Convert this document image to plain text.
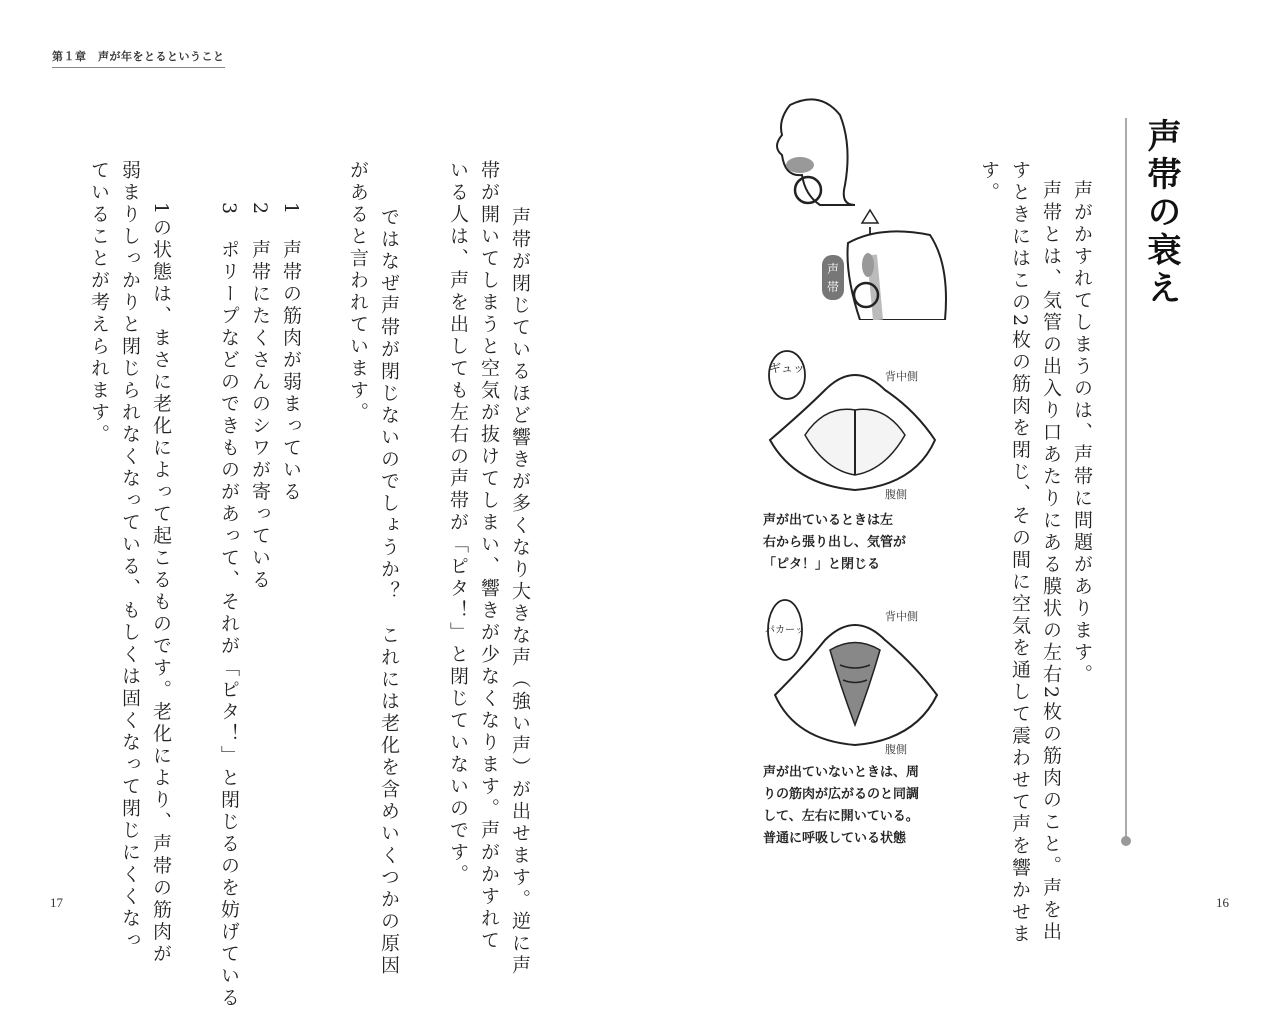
第１章　声が年をとるということ
声帯の衰え
声がかすれてしまうのは、声帯に問題があります。
声帯とは、気管の出入り口あたりにある膜状の左右2枚の筋肉のこと。声を出
すときにはこの2枚の筋肉を閉じ、その間に空気を通して震わせて声を響かせま
す。
声
帯
ギュッ
背中側
腹側
声が出ているときは左
右から張り出し、気管が
「ピタ！」と閉じる
パカーッ
背中側
腹側
声が出ていないときは、周
りの筋肉が広がるのと同調
して、左右に開いている。
普通に呼吸している状態
　声帯が閉じているほど響きが多くなり大きな声（強い声）が出せます。逆に声
帯が開いてしまうと空気が抜けてしまい、響きが少なくなります。声がかすれて
いる人は、声を出しても左右の声帯が「ピタ！」と閉じていないのです。
　ではなぜ声帯が閉じないのでしょうか？　これには老化を含めいくつかの原因
があると言われています。
　1　声帯の筋肉が弱まっている
　2　声帯にたくさんのシワが寄っている
　3　ポリープなどのできものがあって、それが「ピタ！」と閉じるのを妨げている
　1の状態は、まさに老化によって起こるものです。老化により、声帯の筋肉が
弱まりしっかりと閉じられなくなっている、もしくは固くなって閉じにくくなっ
ていることが考えられます。
17	16
